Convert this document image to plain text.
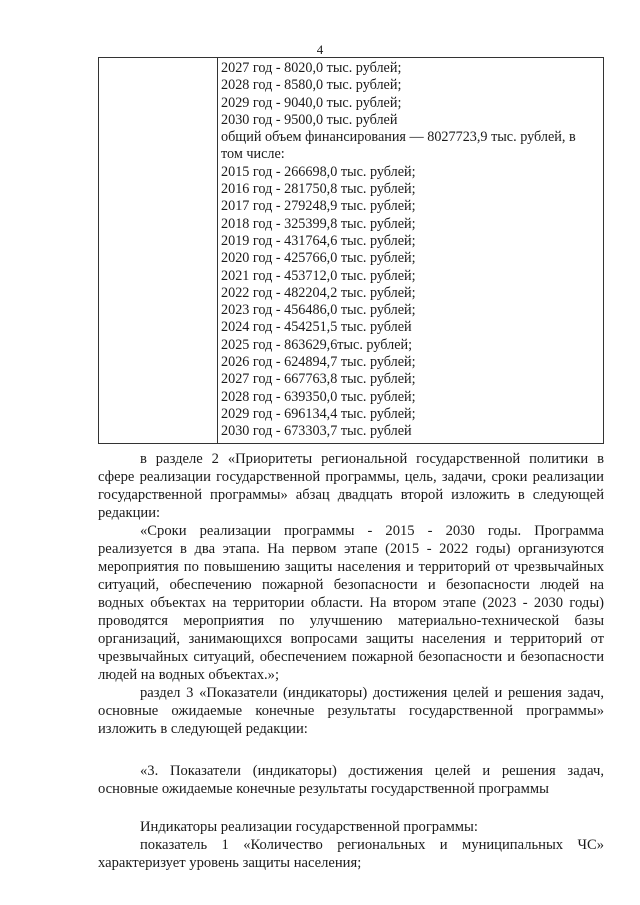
4

2027 год - 8020,0 тыс. рублей;
2028 год - 8580,0 тыс. рублей;
2029 год - 9040,0 тыс. рублей;
2030 год - 9500,0 тыс. рублей
общий объем финансирования — 8027723,9 тыс. рублей, в том числе:
2015 год - 266698,0 тыс. рублей;
2016 год - 281750,8 тыс. рублей;
2017 год - 279248,9 тыс. рублей;
2018 год - 325399,8 тыс. рублей;
2019 год - 431764,6 тыс. рублей;
2020 год - 425766,0 тыс. рублей;
2021 год - 453712,0 тыс. рублей;
2022 год - 482204,2 тыс. рублей;
2023 год - 456486,0 тыс. рублей;
2024 год - 454251,5 тыс. рублей
2025 год - 863629,6тыс. рублей;
2026 год - 624894,7 тыс. рублей;
2027 год - 667763,8 тыс. рублей;
2028 год - 639350,0 тыс. рублей;
2029 год - 696134,4 тыс. рублей;
2030 год - 673303,7 тыс. рублей

в разделе 2 «Приоритеты региональной государственной политики в сфере реализации государственной программы, цель, задачи, сроки реализации государственной программы» абзац двадцать второй изложить в следующей редакции:

«Сроки реализации программы - 2015 - 2030 годы. Программа реализуется в два этапа. На первом этапе (2015 - 2022 годы) организуются мероприятия по повышению защиты населения и территорий от чрезвычайных ситуаций, обеспечению пожарной безопасности и безопасности людей на водных объектах на территории области. На втором этапе (2023 - 2030 годы) проводятся мероприятия по улучшению материально-технической базы организаций, занимающихся вопросами защиты населения и территорий от чрезвычайных ситуаций, обеспечением пожарной безопасности и безопасности людей на водных объектах.»;

раздел 3 «Показатели (индикаторы) достижения целей и решения задач, основные ожидаемые конечные результаты государственной программы» изложить в следующей редакции:

«3. Показатели (индикаторы) достижения целей и решения задач, основные ожидаемые конечные результаты государственной программы

Индикаторы реализации государственной программы:

показатель 1 «Количество региональных и муниципальных ЧС» характеризует уровень защиты населения;
